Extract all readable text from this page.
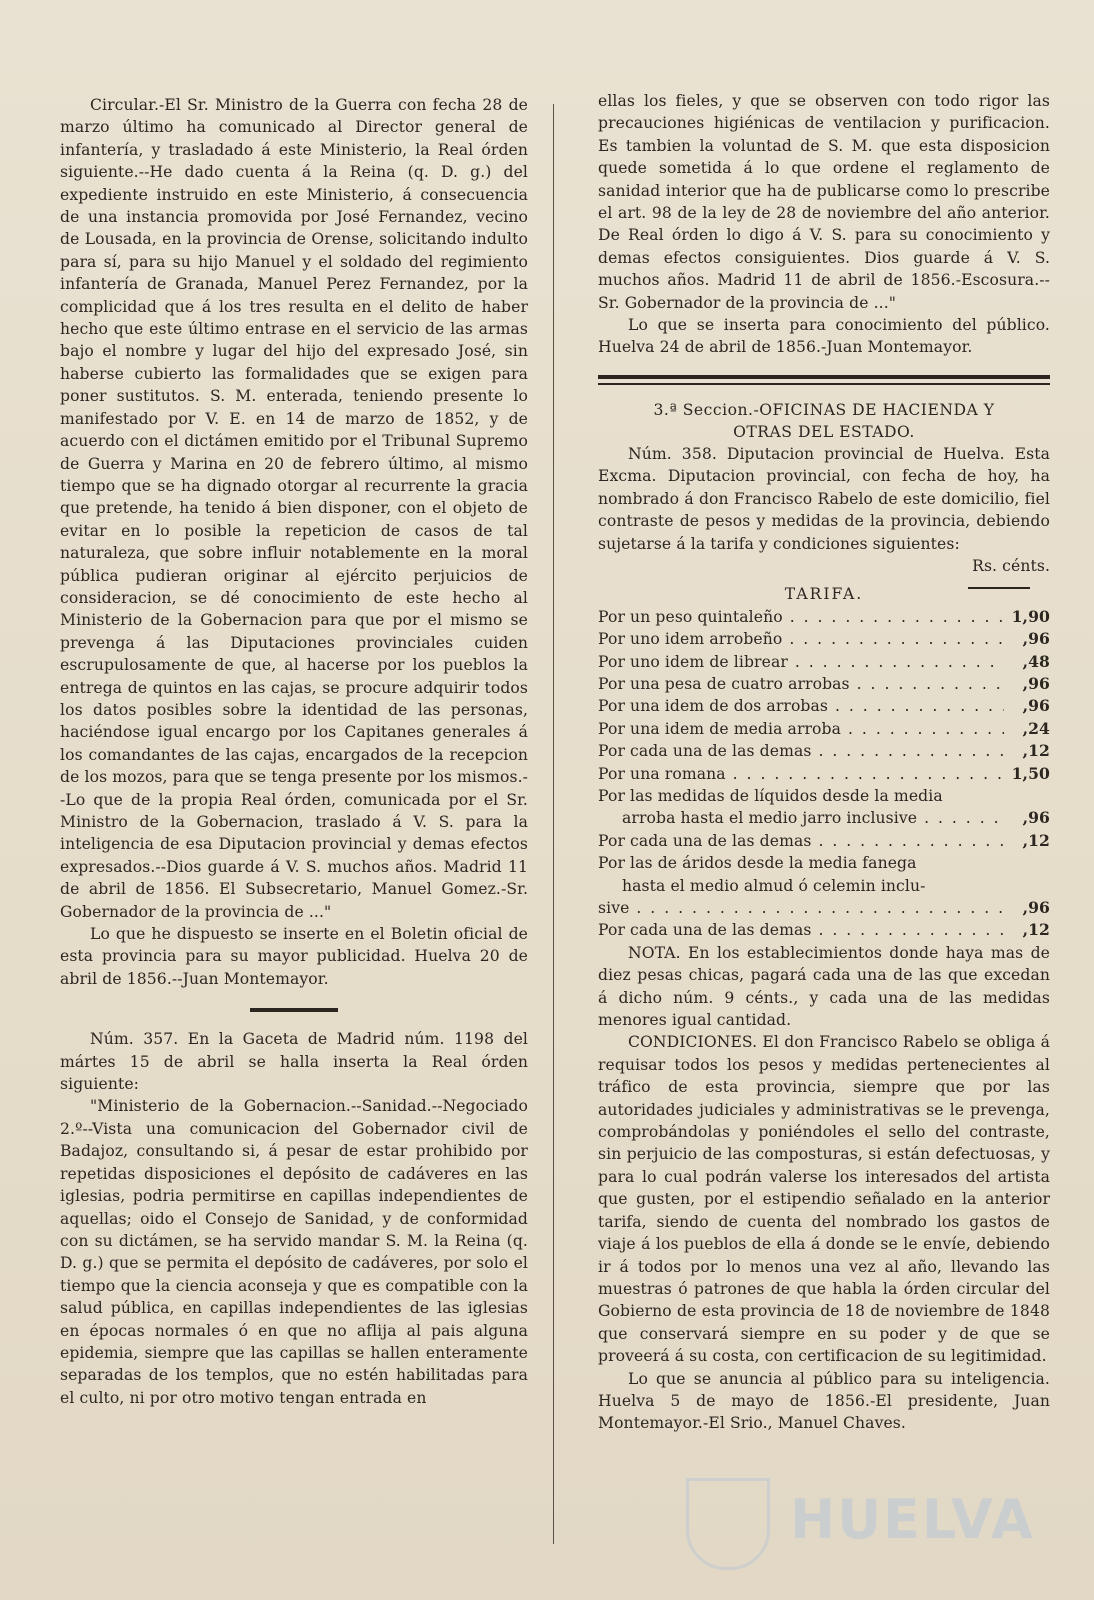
Circular.-El Sr. Ministro de la Guerra con fecha 28 de marzo último ha comunicado al Director general de infantería, y trasladado á este Ministerio, la Real órden siguiente.--He dado cuenta á la Reina (q. D. g.) del expediente instruido en este Ministerio, á consecuencia de una instancia promovida por José Fernandez, vecino de Lousada, en la provincia de Orense, solicitando indulto para sí, para su hijo Manuel y el soldado del regimiento infantería de Granada, Manuel Perez Fernandez, por la complicidad que á los tres resulta en el delito de haber hecho que este último entrase en el servicio de las armas bajo el nombre y lugar del hijo del expresado José, sin haberse cubierto las formalidades que se exigen para poner sustitutos. S. M. enterada, teniendo presente lo manifestado por V. E. en 14 de marzo de 1852, y de acuerdo con el dictámen emitido por el Tribunal Supremo de Guerra y Marina en 20 de febrero último, al mismo tiempo que se ha dignado otorgar al recurrente la gracia que pretende, ha tenido á bien disponer, con el objeto de evitar en lo posible la repeticion de casos de tal naturaleza, que sobre influir notablemente en la moral pública pudieran originar al ejército perjuicios de consideracion, se dé conocimiento de este hecho al Ministerio de la Gobernacion para que por el mismo se prevenga á las Diputaciones provinciales cuiden escrupulosamente de que, al hacerse por los pueblos la entrega de quintos en las cajas, se procure adquirir todos los datos posibles sobre la identidad de las personas, haciéndose igual encargo por los Capitanes generales á los comandantes de las cajas, encargados de la recepcion de los mozos, para que se tenga presente por los mismos.--Lo que de la propia Real órden, comunicada por el Sr. Ministro de la Gobernacion, traslado á V. S. para la inteligencia de esa Diputacion provincial y demas efectos expresados.--Dios guarde á V. S. muchos años. Madrid 11 de abril de 1856. El Subsecretario, Manuel Gomez.-Sr. Gobernador de la provincia de ..."

Lo que he dispuesto se inserte en el Boletin oficial de esta provincia para su mayor publicidad. Huelva 20 de abril de 1856.--Juan Montemayor.

Núm. 357. En la Gaceta de Madrid núm. 1198 del mártes 15 de abril se halla inserta la Real órden siguiente:

"Ministerio de la Gobernacion.--Sanidad.--Negociado 2.º--Vista una comunicacion del Gobernador civil de Badajoz, consultando si, á pesar de estar prohibido por repetidas disposiciones el depósito de cadáveres en las iglesias, podria permitirse en capillas independientes de aquellas; oido el Consejo de Sanidad, y de conformidad con su dictámen, se ha servido mandar S. M. la Reina (q. D. g.) que se permita el depósito de cadáveres, por solo el tiempo que la ciencia aconseja y que es compatible con la salud pública, en capillas independientes de las iglesias en épocas normales ó en que no aflija al pais alguna epidemia, siempre que las capillas se hallen enteramente separadas de los templos, que no estén habilitadas para el culto, ni por otro motivo tengan entrada en

ellas los fieles, y que se observen con todo rigor las precauciones higiénicas de ventilacion y purificacion. Es tambien la voluntad de S. M. que esta disposicion quede sometida á lo que ordene el reglamento de sanidad interior que ha de publicarse como lo prescribe el art. 98 de la ley de 28 de noviembre del año anterior. De Real órden lo digo á V. S. para su conocimiento y demas efectos consiguientes. Dios guarde á V. S. muchos años. Madrid 11 de abril de 1856.-Escosura.--Sr. Gobernador de la provincia de ..."

Lo que se inserta para conocimiento del público. Huelva 24 de abril de 1856.-Juan Montemayor.

3.ª Seccion.-OFICINAS DE HACIENDA Y
OTRAS DEL ESTADO.

Núm. 358. Diputacion provincial de Huelva. Esta Excma. Diputacion provincial, con fecha de hoy, ha nombrado á don Francisco Rabelo de este domicilio, fiel contraste de pesos y medidas de la provincia, debiendo sujetarse á la tarifa y condiciones siguientes:

Rs. cénts.
TARIFA.
Por un peso quintaleño . . .	1,90
Por uno idem arrobeño . . .	,96
Por uno idem de librear . . .	,48
Por una pesa de cuatro arrobas . . .	,96
Por una idem de dos arrobas . . .	,96
Por una idem de media arroba . . .	,24
Por cada una de las demas . . .	,12
Por una romana . . .	1,50
Por las medidas de líquidos desde la media
arroba hasta el medio jarro inclusive . . .	,96
Por cada una de las demas . . .	,12
Por las de áridos desde la media fanega
hasta el medio almud ó celemin inclu-
sive . . .	,96
Por cada una de las demas . . .	,12

NOTA. En los establecimientos donde haya mas de diez pesas chicas, pagará cada una de las que excedan á dicho núm. 9 cénts., y cada una de las medidas menores igual cantidad.

CONDICIONES. El don Francisco Rabelo se obliga á requisar todos los pesos y medidas pertenecientes al tráfico de esta provincia, siempre que por las autoridades judiciales y administrativas se le prevenga, comprobándolas y poniéndoles el sello del contraste, sin perjuicio de las composturas, si están defectuosas, y para lo cual podrán valerse los interesados del artista que gusten, por el estipendio señalado en la anterior tarifa, siendo de cuenta del nombrado los gastos de viaje á los pueblos de ella á donde se le envíe, debiendo ir á todos por lo menos una vez al año, llevando las muestras ó patrones de que habla la órden circular del Gobierno de esta provincia de 18 de noviembre de 1848 que conservará siempre en su poder y de que se proveerá á su costa, con certificacion de su legitimidad.

Lo que se anuncia al público para su inteligencia. Huelva 5 de mayo de 1856.-El presidente, Juan Montemayor.-El Srio., Manuel Chaves.

HUELVA
